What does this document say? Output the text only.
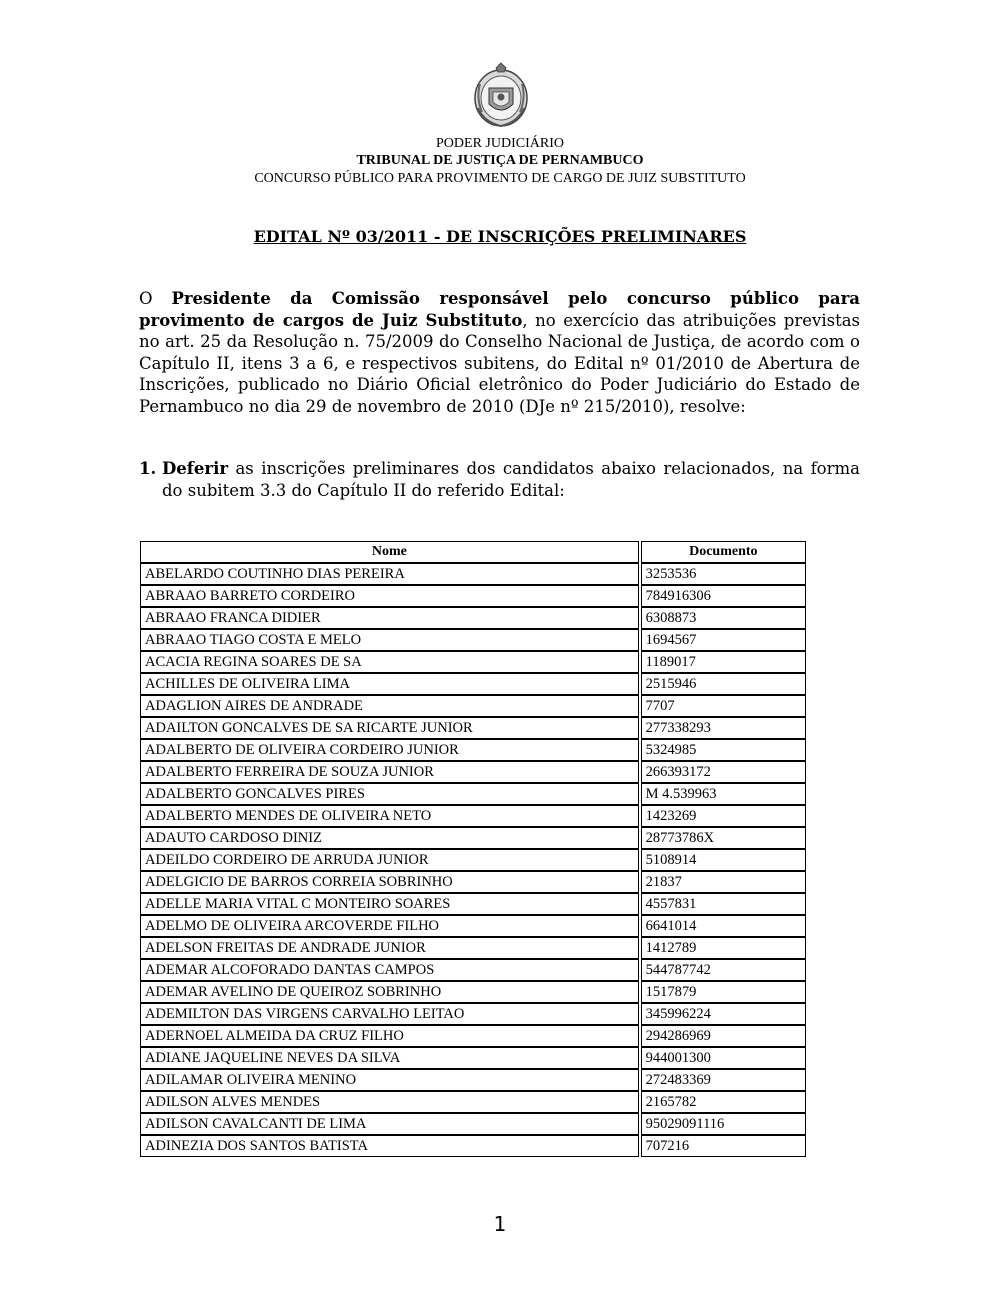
PODER JUDICIÁRIO
TRIBUNAL DE JUSTIÇA DE PERNAMBUCO
CONCURSO PÚBLICO PARA PROVIMENTO DE CARGO DE JUIZ SUBSTITUTO
EDITAL Nº 03/2011 - DE INSCRIÇÕES PRELIMINARES

O Presidente da Comissão responsável pelo concurso público para provimento de cargos de Juiz Substituto, no exercício das atribuições previstas no art. 25 da Resolução n. 75/2009 do Conselho Nacional de Justiça, de acordo com o Capítulo II, itens 3 a 6, e respectivos subitens, do Edital nº 01/2010 de Abertura de Inscrições, publicado no Diário Oficial eletrônico do Poder Judiciário do Estado de Pernambuco no dia 29 de novembro de 2010 (DJe nº 215/2010), resolve:

1. Deferir as inscrições preliminares dos candidatos abaixo relacionados, na forma do subitem 3.3 do Capítulo II do referido Edital:
Nome		Documento
ABELARDO COUTINHO DIAS PEREIRA		3253536
ABRAAO BARRETO CORDEIRO		784916306
ABRAAO FRANCA DIDIER		6308873
ABRAAO TIAGO COSTA E MELO		1694567
ACACIA REGINA SOARES DE SA		1189017
ACHILLES DE OLIVEIRA LIMA		2515946
ADAGLION AIRES DE ANDRADE		7707
ADAILTON GONCALVES DE SA RICARTE JUNIOR		277338293
ADALBERTO DE OLIVEIRA CORDEIRO JUNIOR		5324985
ADALBERTO FERREIRA DE SOUZA JUNIOR		266393172
ADALBERTO GONCALVES PIRES		M 4.539963
ADALBERTO MENDES DE OLIVEIRA NETO		1423269
ADAUTO CARDOSO DINIZ		28773786X
ADEILDO CORDEIRO DE ARRUDA JUNIOR		5108914
ADELGICIO DE BARROS CORREIA SOBRINHO		21837
ADELLE MARIA VITAL C MONTEIRO SOARES		4557831
ADELMO DE OLIVEIRA ARCOVERDE FILHO		6641014
ADELSON FREITAS DE ANDRADE JUNIOR		1412789
ADEMAR ALCOFORADO DANTAS CAMPOS		544787742
ADEMAR AVELINO DE QUEIROZ SOBRINHO		1517879
ADEMILTON DAS VIRGENS CARVALHO LEITAO		345996224
ADERNOEL ALMEIDA DA CRUZ FILHO		294286969
ADIANE JAQUELINE NEVES DA SILVA		944001300
ADILAMAR OLIVEIRA MENINO		272483369
ADILSON ALVES MENDES		2165782
ADILSON CAVALCANTI DE LIMA		95029091116
ADINEZIA DOS SANTOS BATISTA		707216
1
